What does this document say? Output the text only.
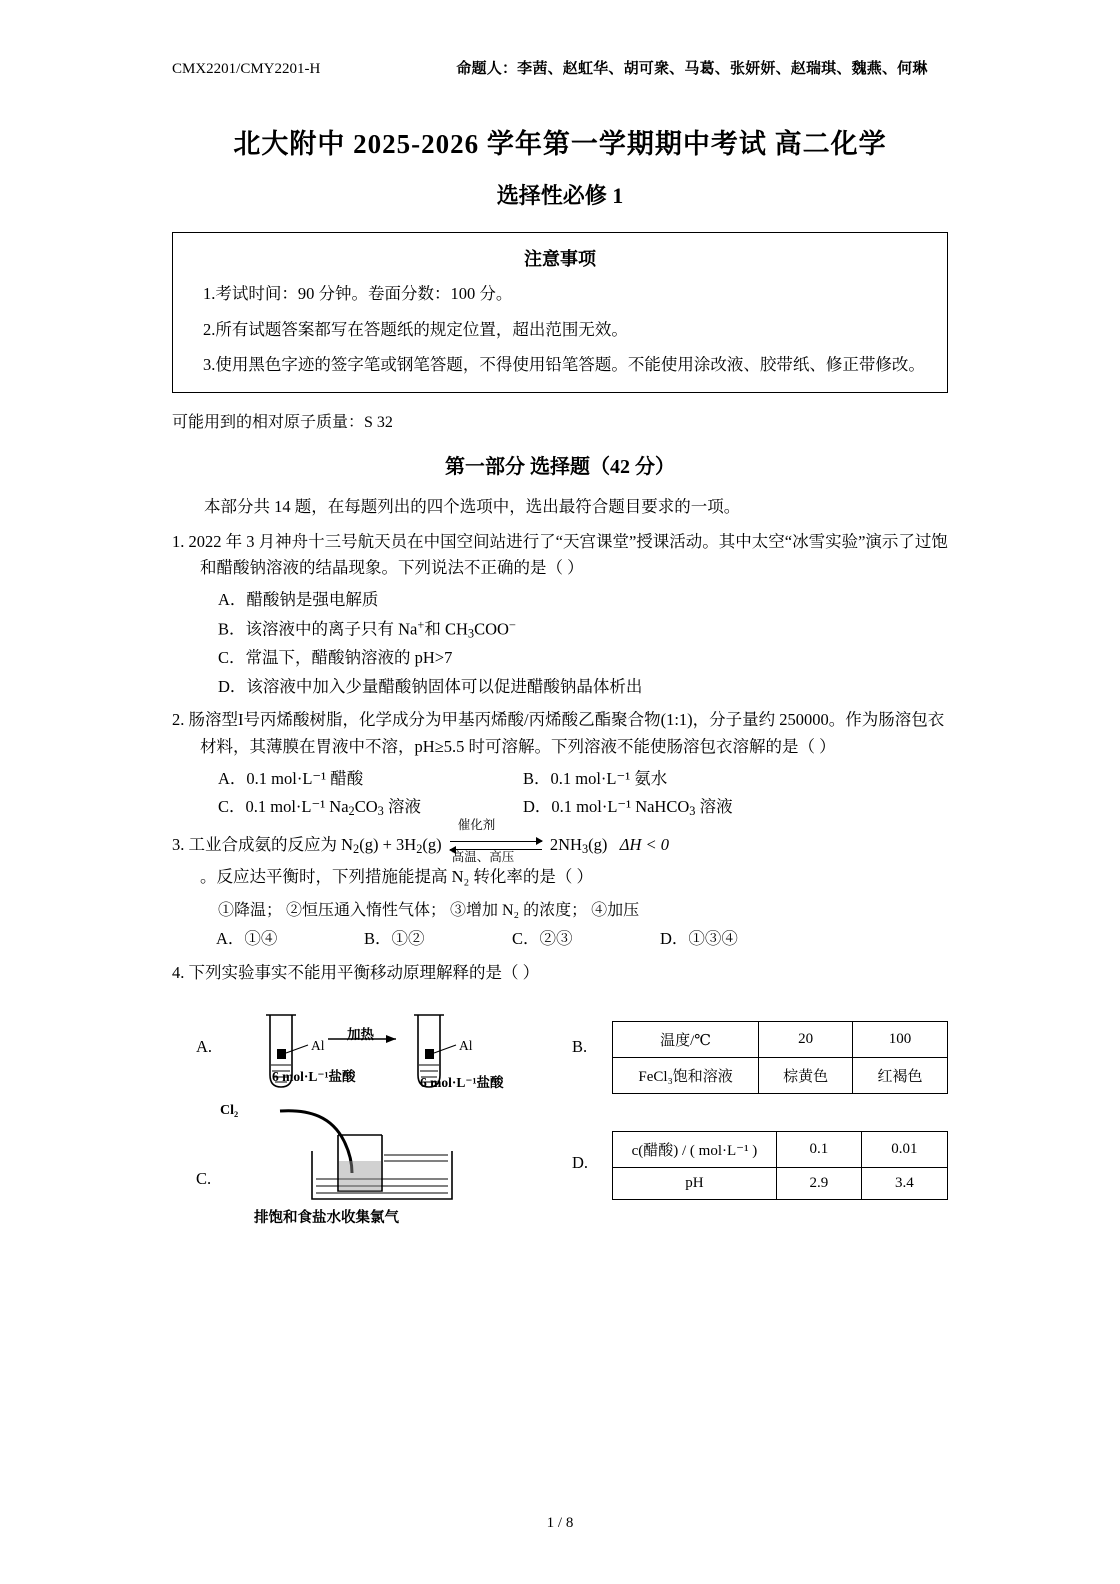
CMX2201/CMY2201-H	命题人：李茜、赵虹华、胡可衆、马葛、张妍妍、赵瑞琪、魏燕、何琳
北大附中 2025-2026 学年第一学期期中考试 高二化学
选择性必修 1
注意事项

1.考试时间：90 分钟。卷面分数：100 分。

2.所有试题答案都写在答题纸的规定位置，超出范围无效。

3.使用黑色字迹的签字笔或钢笔答题，不得使用铅笔答题。不能使用涂改液、胶带纸、修正带修改。

可能用到的相对原子质量：S 32
第一部分 选择题（42 分）
本部分共 14 题，在每题列出的四个选项中，选出最符合题目要求的一项。
1. 2022 年 3 月神舟十三号航天员在中国空间站进行了“天宫课堂”授课活动。其中太空“冰雪实验”演示了过饱和醋酸钠溶液的结晶现象。下列说法不正确的是（ ）
A．醋酸钠是强电解质
B．该溶液中的离子只有 Na+和 $CH_3COO^-$
C．常温下，醋酸钠溶液的 pH>7
D．该溶液中加入少量醋酸钠固体可以促进醋酸钠晶体析出
2. 肠溶型I号丙烯酸树脂，化学成分为甲基丙烯酸/丙烯酸乙酯聚合物(1:1)，分子量约 250000。作为肠溶包衣材料，其薄膜在胃液中不溶，pH≥5.5 时可溶解。下列溶液不能使肠溶包衣溶解的是（ ）
A．0.1 mol·L⁻¹ 醋酸	B．0.1 mol·L⁻¹ 氨水
C．0.1 mol·L⁻¹ $Na_2CO_3$ 溶液	D．0.1 mol·L⁻¹ NaHCO$_3$ 溶液
3. 工业合成氨的反应为 $N_2(g) + 3H_2(g)$
催化剂
高温、高压
$2NH_3(g) \Delta H < 0$
。反应达平衡时，下列措施能提高 N₂ 转化率的是（ ）
①降温； ②恒压通入惰性气体； ③增加 N₂ 的浓度； ④加压
A．①④	B．①②	C．②③	D．①③④
4. 下列实验事实不能用平衡移动原理解释的是（ ）
A.	B.
C.
D.
加热
Al	Al
6 mol·L⁻¹盐酸	6 mol·L⁻¹盐酸
Cl₂
排饱和食盐水收集氯气
温度/℃	20	100
FeCl₃饱和溶液	棕黄色	红褐色
c(醋酸) / ( mol·L⁻¹ )	0.1	0.01
pH	2.9	3.4
1 / 8
